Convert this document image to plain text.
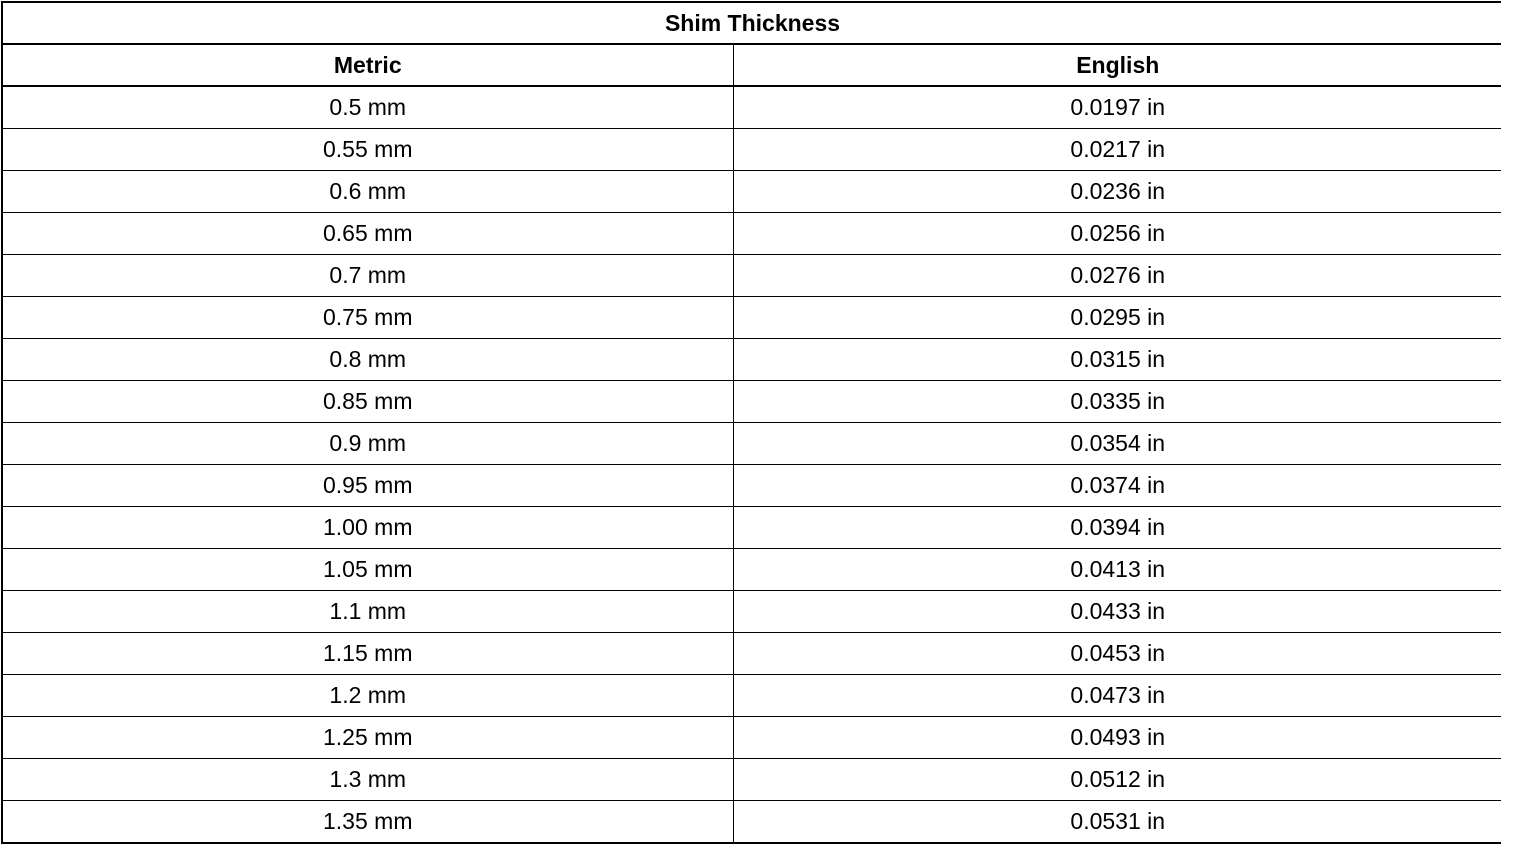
Shim Thickness	
Metric	English
0.5 mm	0.0197 in
0.55 mm	0.0217 in
0.6 mm	0.0236 in
0.65 mm	0.0256 in
0.7 mm	0.0276 in
0.75 mm	0.0295 in
0.8 mm	0.0315 in
0.85 mm	0.0335 in
0.9 mm	0.0354 in
0.95 mm	0.0374 in
1.00 mm	0.0394 in
1.05 mm	0.0413 in
1.1 mm	0.0433 in
1.15 mm	0.0453 in
1.2 mm	0.0473 in
1.25 mm	0.0493 in
1.3 mm	0.0512 in
1.35 mm	0.0531 in
